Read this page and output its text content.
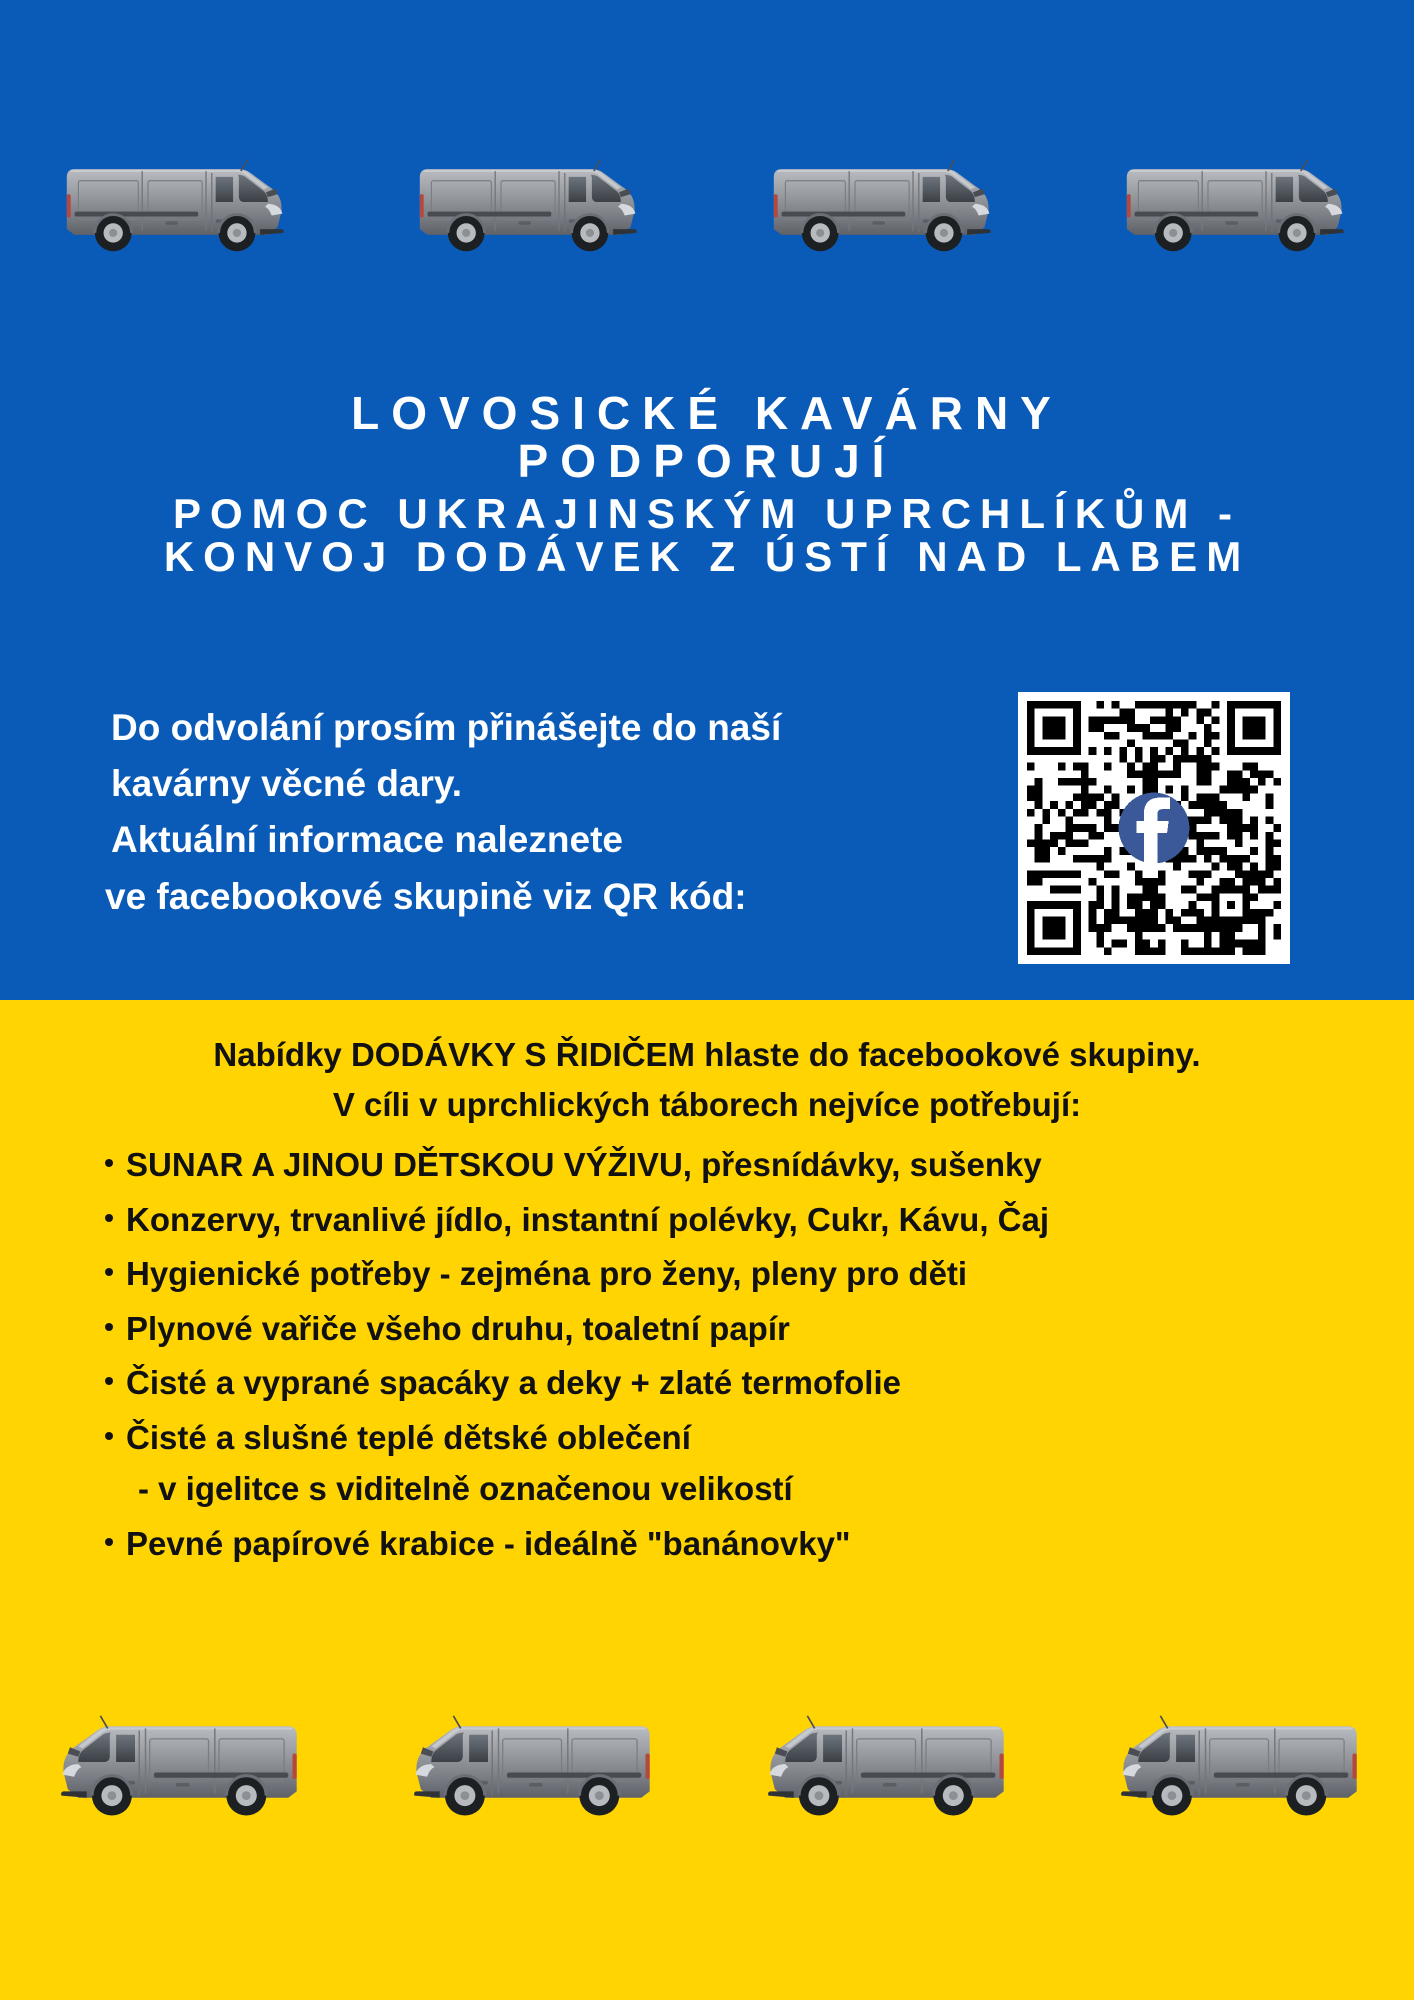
LOVOSICKÉ KAVÁRNY
PODPORUJÍ
POMOC UKRAJINSKÝM UPRCHLÍKŮM -
KONVOJ DODÁVEK Z ÚSTÍ NAD LABEM

Do odvolání prosím přinášejte do naší

kavárny věcné dary.

Aktuální informace naleznete

ve facebookové skupině viz QR kód:

Nabídky DODÁVKY S ŘIDIČEM hlaste do facebookové skupiny.
V cíli v uprchlických táborech nejvíce potřebují:
• SUNAR A JINOU DĚTSKOU VÝŽIVU, přesnídávky, sušenky
• Konzervy, trvanlivé jídlo, instantní polévky, Cukr, Kávu, Čaj
• Hygienické potřeby - zejména pro ženy, pleny pro děti
• Plynové vařiče všeho druhu, toaletní papír
• Čisté a vyprané spacáky a deky + zlaté termofolie
• Čisté a slušné teplé dětské oblečení
- v igelitce s viditelně označenou velikostí
• Pevné papírové krabice - ideálně "banánovky"
